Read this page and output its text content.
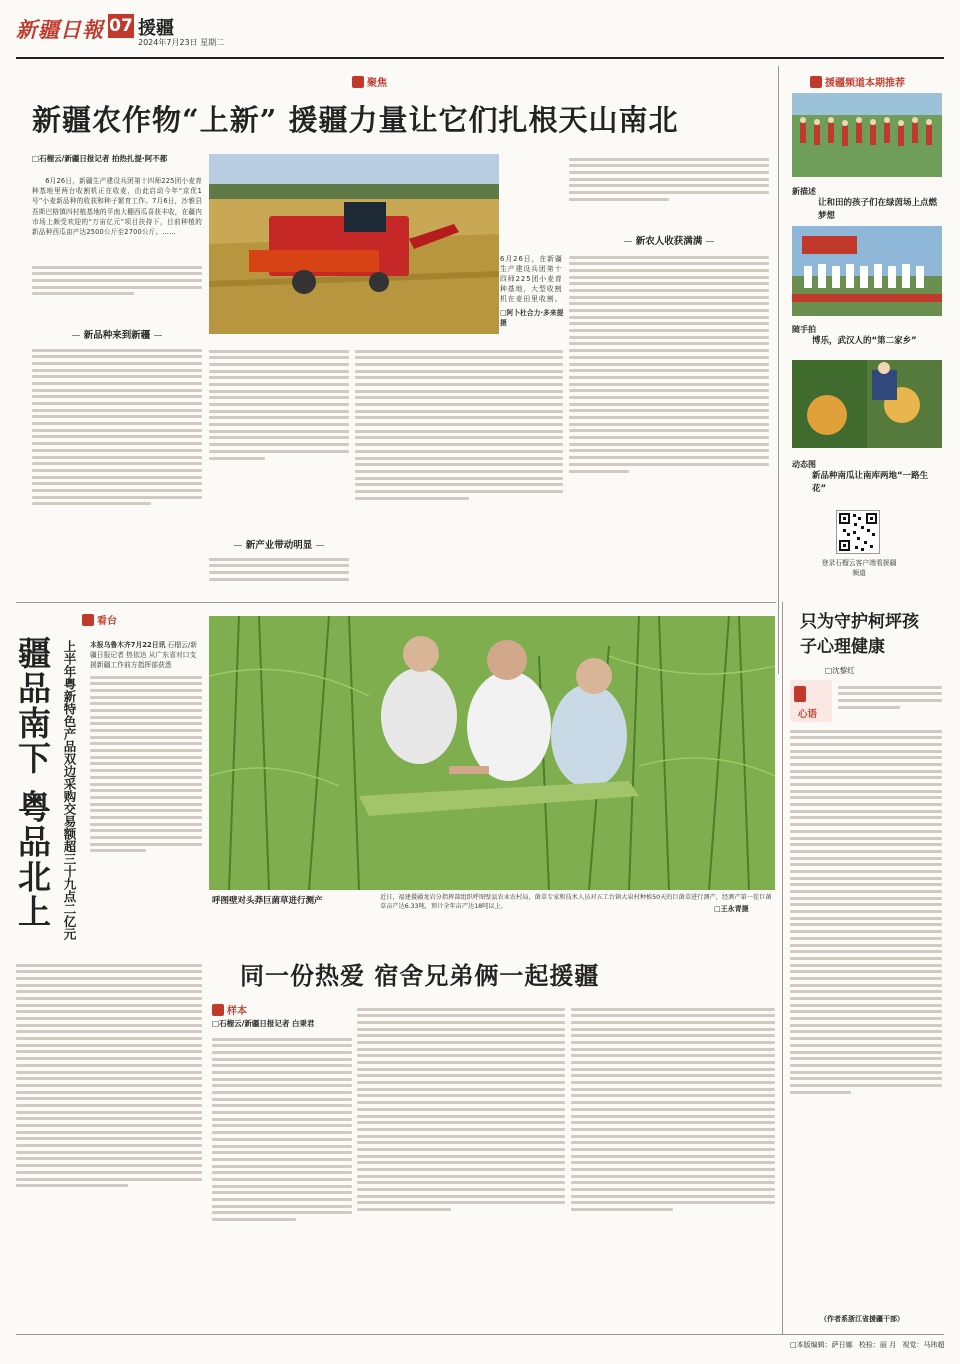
新疆日報 07 援疆
2024年7月23日 星期二
聚焦
新疆农作物“上新” 援疆力量让它们扎根天山南北
□石榴云/新疆日报记者 拍热扎提·阿不都
6月26日，新疆生产建设兵团第十四师225团小麦育种基地里两台收割机正在收麦，由此启动今年“京优1号”小麦新品种的收获和种子繁育工作。7月6日，沙雅县吾斯巴格镇四村植基地的平南大棚西瓜喜获丰收，在疆内市场上颇受欢迎的“万宙亿元”项目扶持下，目前种植的新品种西瓜亩产达2500公斤至2700公斤。……
新品种来到新疆
6月26日，在新疆生产建设兵团第十四师225团小麦育种基地，大型收割机在麦田里收割。
□阿卜杜合力·多来提摄
新产业带动明显
新农人收获满满
援疆频道本期推荐
新描述
让和田的孩子们在绿茵场上点燃梦想
随手拍
博乐，武汉人的“第二家乡”
动态图
新品种南瓜让南库两地“一路生花”
登录石榴云客户端看援疆频道
只为守护柯坪孩子心理健康
□沈黎红
心语
（作者系浙江省援疆干部）
看台
疆品南下 粤品北上 上半年粤新特色产品双边采购交易额超三十九点二亿元 本报乌鲁木齐7月22日讯 石榴云/新疆日报记者 热依达 从广东省对口支援新疆工作前方指挥部获悉
呼图壁对头莽巨菌草进行测产	近日，福建援疆龙岩分指挥部组织呼图壁县农业农村局，菌草专家和技术人员对五工台镇大泉村种植50天的巨菌草进行测产，经测产第一茬巨菌草亩产达6.33吨，预计全年亩产达18吨以上。	□王永青摄
同一份热爱 宿舍兄弟俩一起援疆
样本
□石榴云/新疆日报记者 白秉君
□本版编辑：萨日娜 校检：丽 月 视觉：马玮超
